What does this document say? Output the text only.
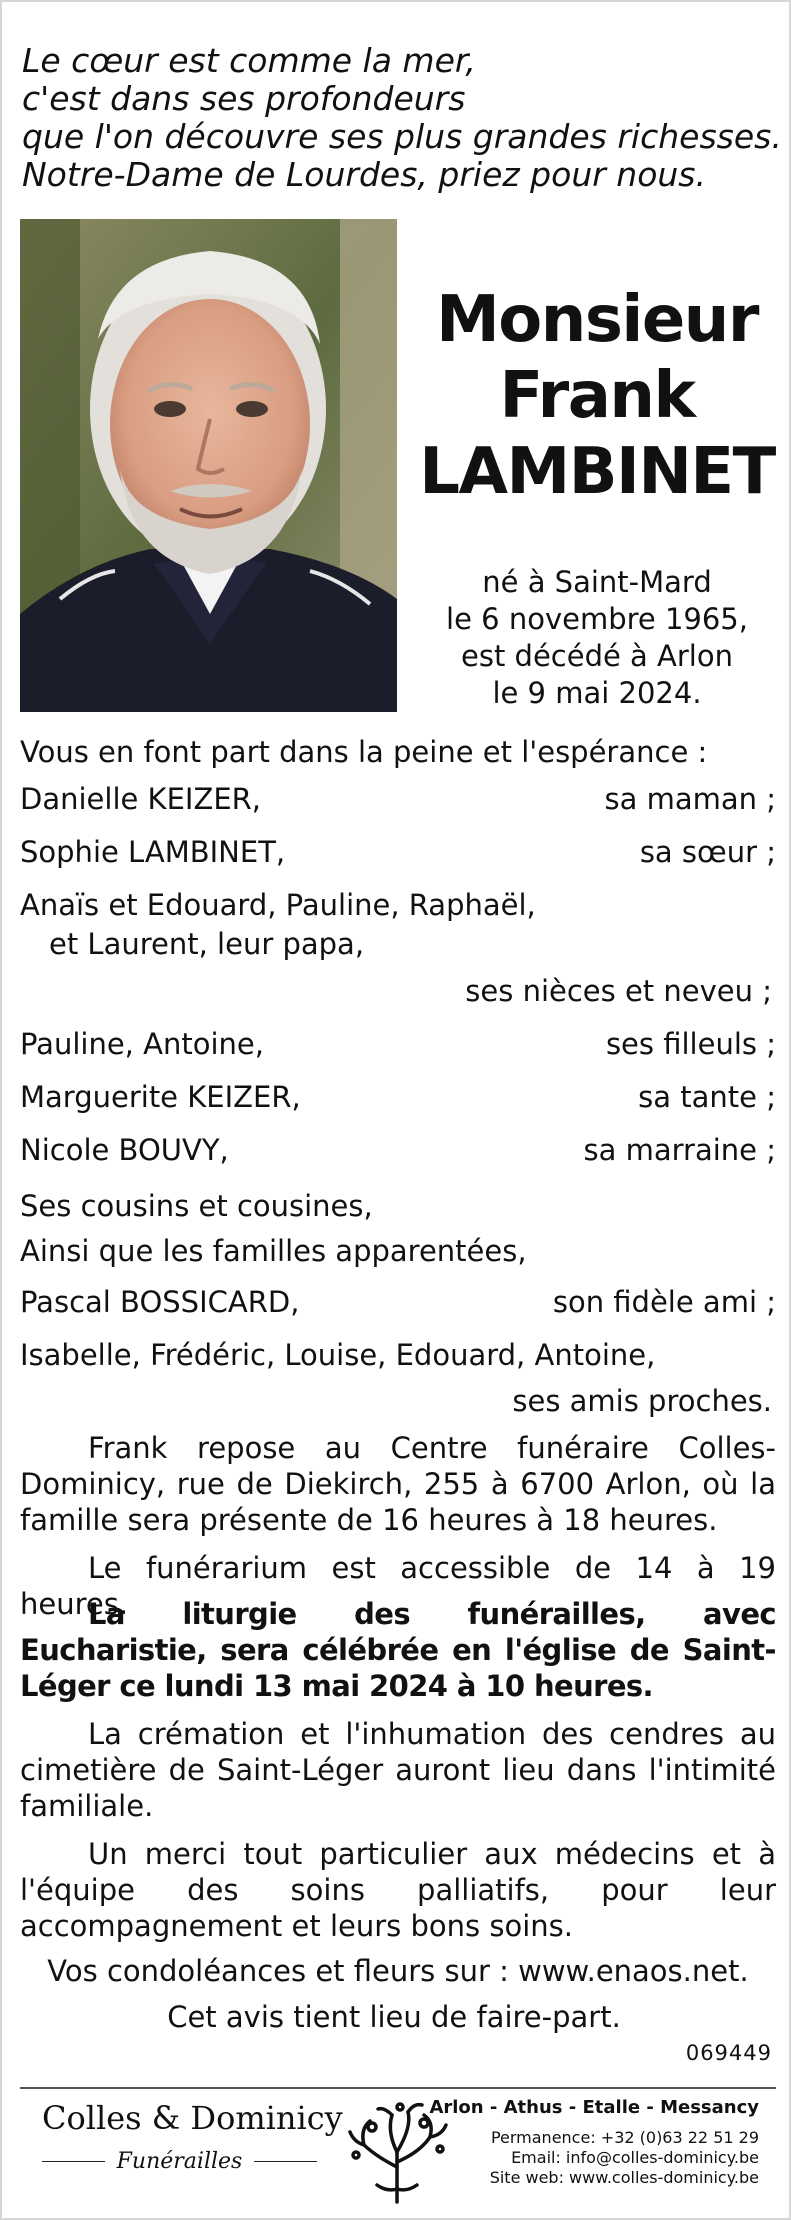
Le cœur est comme la mer,
c'est dans ses profondeurs
que l'on découvre ses plus grandes richesses.
Notre-Dame de Lourdes, priez pour nous.
Monsieur
Frank
LAMBINET
né à Saint-Mard
le 6 novembre 1965,
est décédé à Arlon
le 9 mai 2024.
Vous en font part dans la peine et l'espérance :
Danielle KEIZER,	sa maman ;
Sophie LAMBINET,	sa sœur ;
Anaïs et Edouard, Pauline, Raphaël,
et Laurent, leur papa,
ses nièces et neveu ;
Pauline, Antoine,	ses filleuls ;
Marguerite KEIZER,	sa tante ;
Nicole BOUVY,	sa marraine ;
Ses cousins et cousines,
Ainsi que les familles apparentées,
Pascal BOSSICARD,	son fidèle ami ;
Isabelle, Frédéric, Louise, Edouard, Antoine,
ses amis proches.
Frank repose au Centre funéraire Colles-Dominicy, rue de Diekirch, 255 à 6700 Arlon, où la famille sera présente de 16 heures à 18 heures.
Le funérarium est accessible de 14 à 19 heures.
La liturgie des funérailles, avec Eucharistie, sera célébrée en l'église de Saint-Léger ce lundi 13 mai 2024 à 10 heures.
La crémation et l'inhumation des cendres au cimetière de Saint-Léger auront lieu dans l'intimité familiale.
Un merci tout particulier aux médecins et à l'équipe des soins palliatifs, pour leur accompagnement et leurs bons soins.
Vos condoléances et fleurs sur : www.enaos.net.
Cet avis tient lieu de faire-part.
069449
Colles & Dominicy
Funérailles
Arlon - Athus - Etalle - Messancy
Permanence: +32 (0)63 22 51 29
Email: info@colles-dominicy.be
Site web: www.colles-dominicy.be
